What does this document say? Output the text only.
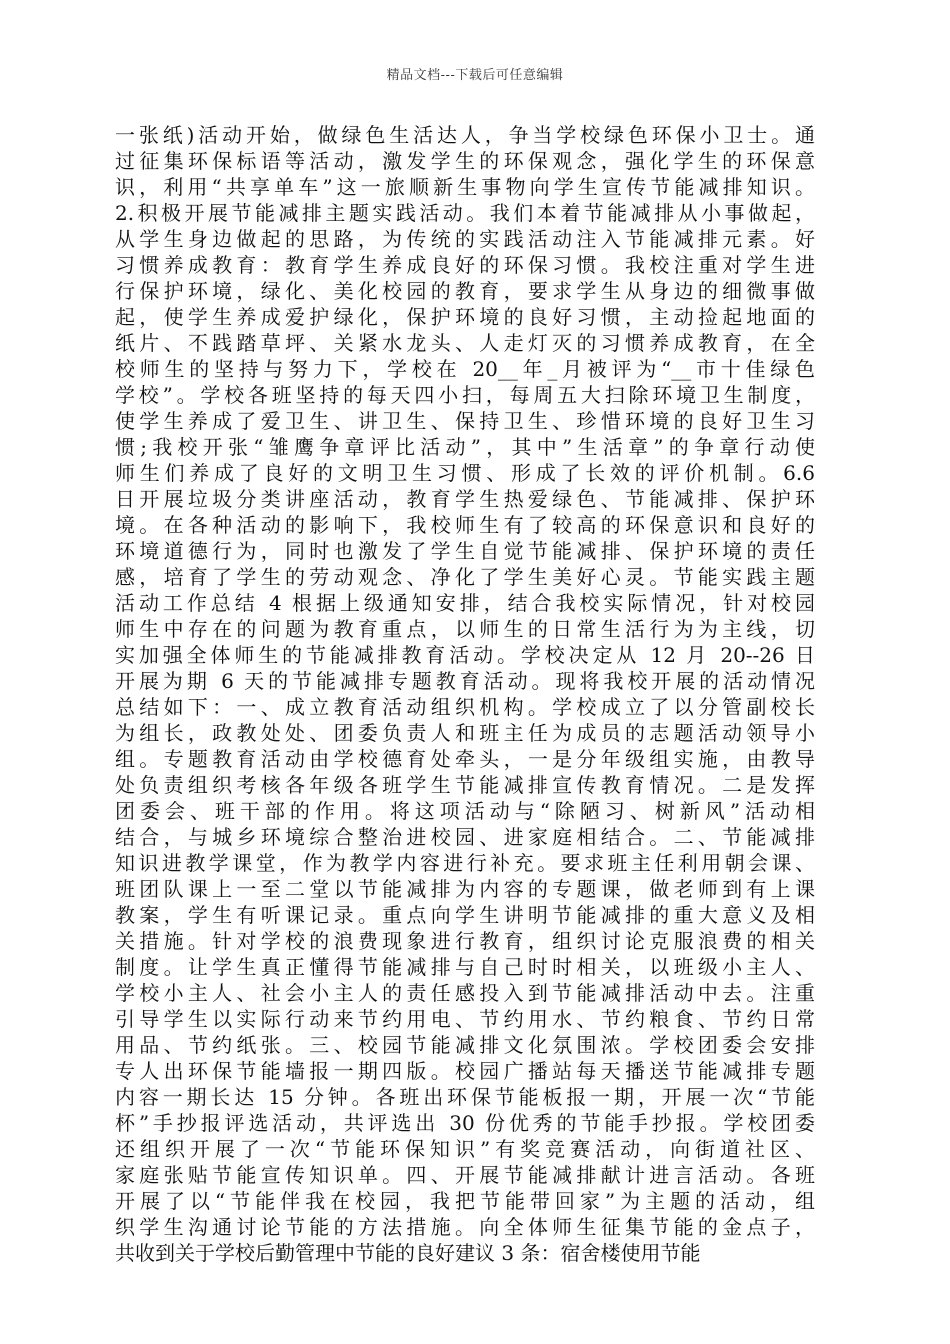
精品文档---下载后可任意编辑
一张纸)活动开始，做绿色生活达人，争当学校绿色环保小卫士。通
过征集环保标语等活动，激发学生的环保观念，强化学生的环保意
识，利用“共享单车”这一旅顺新生事物向学生宣传节能减排知识。
2.积极开展节能减排主题实践活动。我们本着节能减排从小事做起，
从学生身边做起的思路，为传统的实践活动注入节能减排元素。好
习惯养成教育：教育学生养成良好的环保习惯。我校注重对学生进
行保护环境，绿化、美化校园的教育，要求学生从身边的细微事做
起，使学生养成爱护绿化，保护环境的良好习惯，主动捡起地面的
纸片、不践踏草坪、关紧水龙头、人走灯灭的习惯养成教育，在全
校师生的坚持与努力下，学校在 20__年_月被评为“__市十佳绿色
学校”。学校各班坚持的每天四小扫，每周五大扫除环境卫生制度，
使学生养成了爱卫生、讲卫生、保持卫生、珍惜环境的良好卫生习
惯;我校开张“雏鹰争章评比活动”，其中”生活章”的争章行动使
师生们养成了良好的文明卫生习惯、形成了长效的评价机制。6.6
日开展垃圾分类讲座活动，教育学生热爱绿色、节能减排、保护环
境。在各种活动的影响下，我校师生有了较高的环保意识和良好的
环境道德行为，同时也激发了学生自觉节能减排、保护环境的责任
感，培育了学生的劳动观念、净化了学生美好心灵。节能实践主题
活动工作总结 4 根据上级通知安排，结合我校实际情况，针对校园
师生中存在的问题为教育重点，以师生的日常生活行为为主线，切
实加强全体师生的节能减排教育活动。学校决定从 12 月 20--26 日
开展为期 6 天的节能减排专题教育活动。现将我校开展的活动情况
总结如下：一、成立教育活动组织机构。学校成立了以分管副校长
为组长，政教处处、团委负责人和班主任为成员的志题活动领导小
组。专题教育活动由学校德育处牵头，一是分年级组实施，由教导
处负责组织考核各年级各班学生节能减排宣传教育情况。二是发挥
团委会、班干部的作用。将这项活动与“除陋习、树新风”活动相
结合，与城乡环境综合整治进校园、进家庭相结合。二、节能减排
知识进教学课堂，作为教学内容进行补充。要求班主任利用朝会课、
班团队课上一至二堂以节能减排为内容的专题课，做老师到有上课
教案，学生有听课记录。重点向学生讲明节能减排的重大意义及相
关措施。针对学校的浪费现象进行教育，组织讨论克服浪费的相关
制度。让学生真正懂得节能减排与自己时时相关，以班级小主人、
学校小主人、社会小主人的责任感投入到节能减排活动中去。注重
引导学生以实际行动来节约用电、节约用水、节约粮食、节约日常
用品、节约纸张。三、校园节能减排文化氛围浓。学校团委会安排
专人出环保节能墙报一期四版。校园广播站每天播送节能减排专题
内容一期长达 15 分钟。各班出环保节能板报一期，开展一次“节能
杯”手抄报评选活动，共评选出 30 份优秀的节能手抄报。学校团委
还组织开展了一次“节能环保知识”有奖竞赛活动，向街道社区、
家庭张贴节能宣传知识单。四、开展节能减排献计进言活动。各班
开展了以“节能伴我在校园，我把节能带回家”为主题的活动，组
织学生沟通讨论节能的方法措施。向全体师生征集节能的金点子，
共收到关于学校后勤管理中节能的良好建议 3 条：宿舍楼使用节能
